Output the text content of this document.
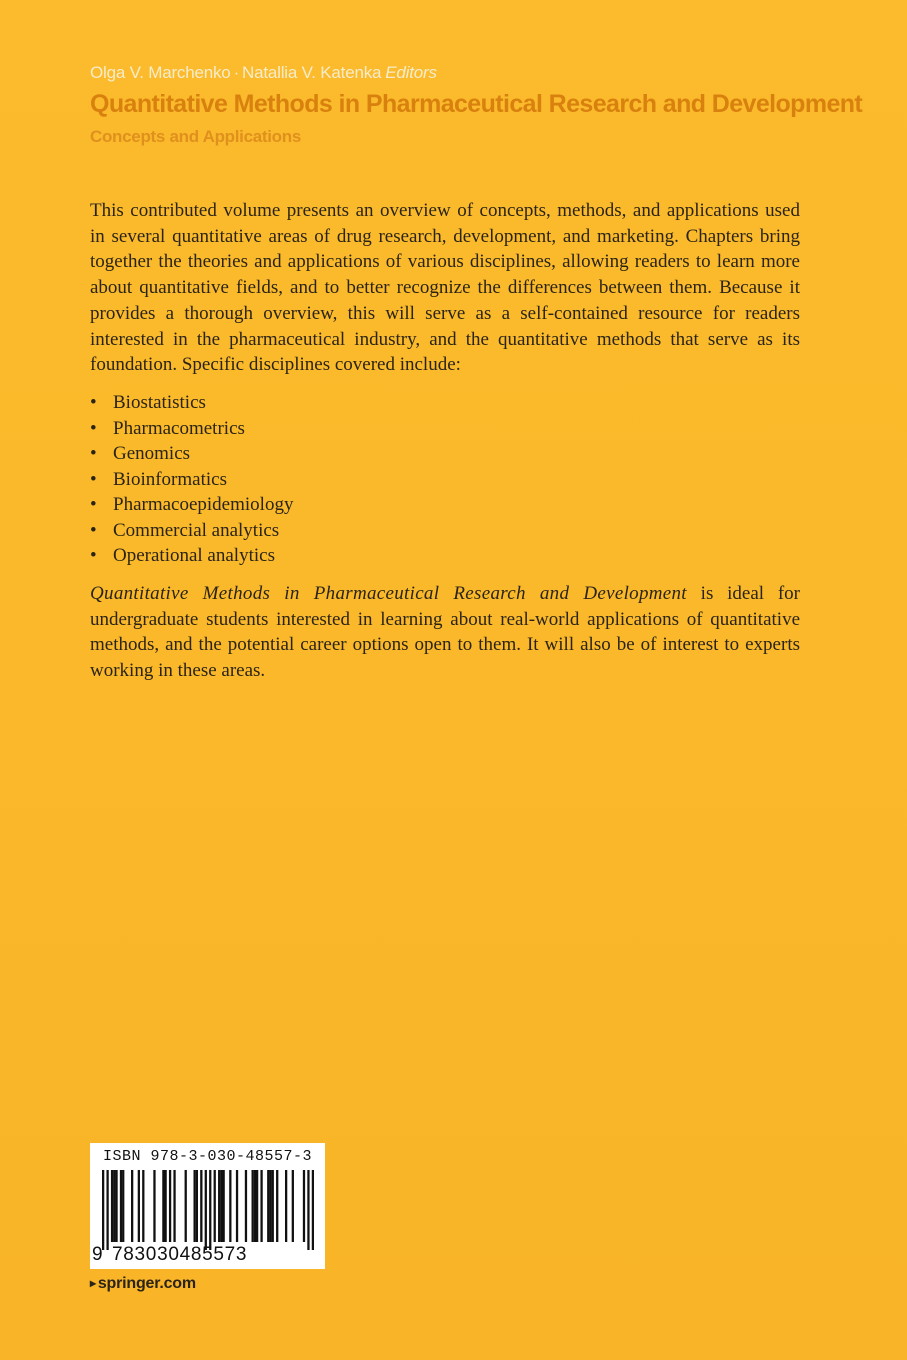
Olga V. Marchenko · Natallia V. Katenka Editors
Quantitative Methods in Pharmaceutical Research and Development
Concepts and Applications

This contributed volume presents an overview of concepts, methods, and applications used in several quantitative areas of drug research, development, and marketing. Chapters bring together the theories and applications of various disciplines, allowing readers to learn more about quantitative fields, and to better recognize the differences between them. Because it provides a thorough overview, this will serve as a self-contained resource for readers interested in the pharmaceutical industry, and the quantitative methods that serve as its foundation. Specific disciplines covered include:

• Biostatistics
• Pharmacometrics
• Genomics
• Bioinformatics
• Pharmacoepidemiology
• Commercial analytics
• Operational analytics

Quantitative Methods in Pharmaceutical Research and Development is ideal for undergraduate students interested in learning about real-world applications of quantitative methods, and the potential career options open to them. It will also be of interest to experts working in these areas.

ISBN 978-3-030-48557-3
9 783030485573
▸ springer.com
